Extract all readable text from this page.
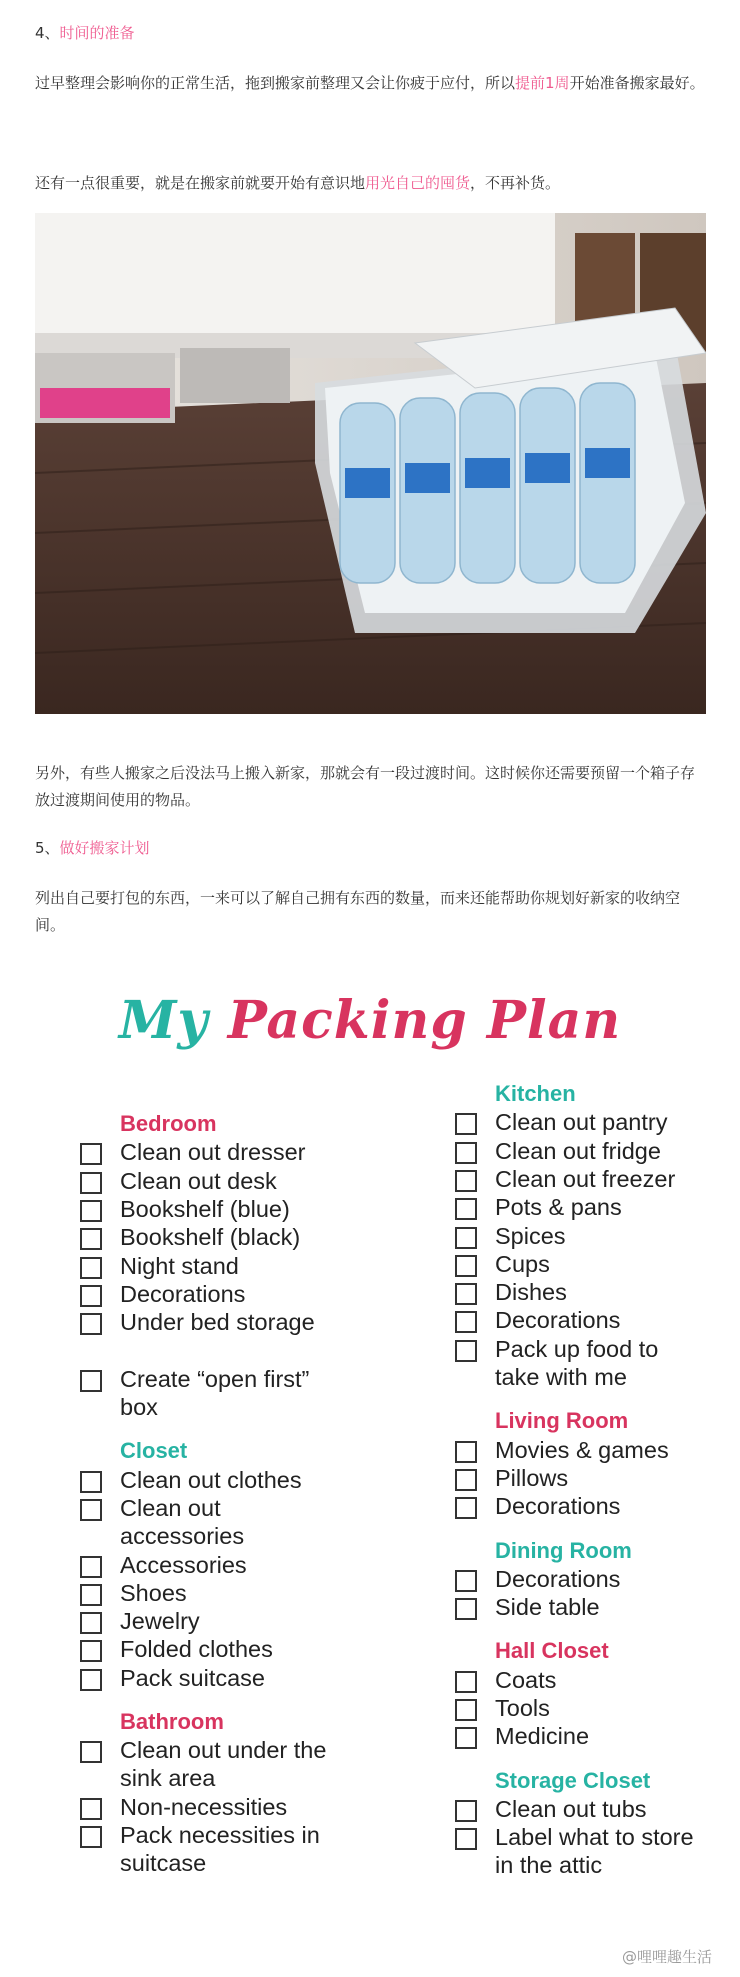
4、时间的准备
过早整理会影响你的正常生活，拖到搬家前整理又会让你疲于应付，所以提前1周开始准备搬家最好。
还有一点很重要，就是在搬家前就要开始有意识地用光自己的囤货，不再补货。
另外，有些人搬家之后没法马上搬入新家，那就会有一段过渡时间。这时候你还需要预留一个箱子存放过渡期间使用的物品。
5、做好搬家计划
列出自己要打包的东西，一来可以了解自己拥有东西的数量，而来还能帮助你规划好新家的收纳空间。
My Packing Plan
Bedroom
Clean out dresser
Clean out desk
Bookshelf (blue)
Bookshelf (black)
Night stand
Decorations
Under bed storage
Create “open first” box
Closet
Clean out clothes
Clean out accessories
Accessories
Shoes
Jewelry
Folded clothes
Pack suitcase
Bathroom
Clean out under the sink area
Non-necessities
Pack necessities in suitcase
Kitchen
Clean out pantry
Clean out fridge
Clean out freezer
Pots & pans
Spices
Cups
Dishes
Decorations
Pack up food to take with me
Living Room
Movies & games
Pillows
Decorations
Dining Room
Decorations
Side table
Hall Closet
Coats
Tools
Medicine
Storage Closet
Clean out tubs
Label what to store in the attic
@哩哩趣生活
